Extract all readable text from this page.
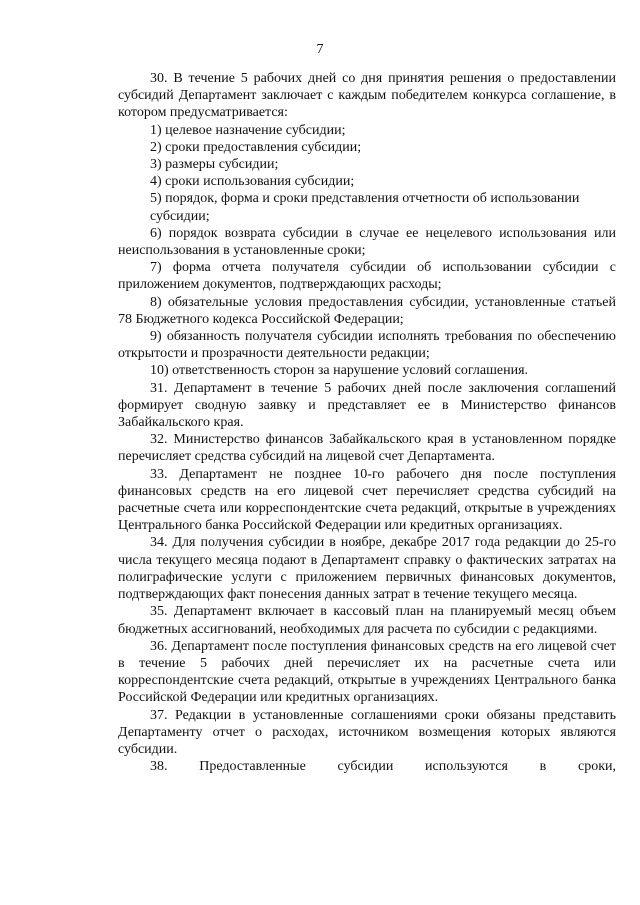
7

30. В течение 5 рабочих дней со дня принятия решения о предоставлении субсидий Департамент заключает с каждым победителем конкурса соглашение, в котором предусматривается:

1) целевое назначение субсидии;

2) сроки предоставления субсидии;

3) размеры субсидии;

4) сроки использования субсидии;

5) порядок, форма и сроки представления отчетности об использовании субсидии;

6) порядок возврата субсидии в случае ее нецелевого использования или неиспользования в установленные сроки;

7) форма отчета получателя субсидии об использовании субсидии с приложением документов, подтверждающих расходы;

8) обязательные условия предоставления субсидии, установленные статьей 78 Бюджетного кодекса Российской Федерации;

9) обязанность получателя субсидии исполнять требования по обеспечению открытости и прозрачности деятельности редакции;

10) ответственность сторон за нарушение условий соглашения.

31. Департамент в течение 5 рабочих дней после заключения соглашений формирует сводную заявку и представляет ее в Министерство финансов Забайкальского края.

32. Министерство финансов Забайкальского края в установленном порядке перечисляет средства субсидий на лицевой счет Департамента.

33. Департамент не позднее 10-го рабочего дня после поступления финансовых средств на его лицевой счет перечисляет средства субсидий на расчетные счета или корреспондентские счета редакций, открытые в учреждениях Центрального банка Российской Федерации или кредитных организациях.

34. Для получения субсидии в ноябре, декабре 2017 года редакции до 25-го числа текущего месяца подают в Департамент справку о фактических затратах на полиграфические услуги с приложением первичных финансовых документов, подтверждающих факт понесения данных затрат в течение текущего месяца.

35. Департамент включает в кассовый план на планируемый месяц объем бюджетных ассигнований, необходимых для расчета по субсидии с редакциями.

36. Департамент после поступления финансовых средств на его лицевой счет в течение 5 рабочих дней перечисляет их на расчетные счета или корреспондентские счета редакций, открытые в учреждениях Центрального банка Российской Федерации или кредитных организациях.

37. Редакции в установленные соглашениями сроки обязаны представить Департаменту отчет о расходах, источником возмещения которых являются субсидии.

38. Предоставленные субсидии используются в сроки,
